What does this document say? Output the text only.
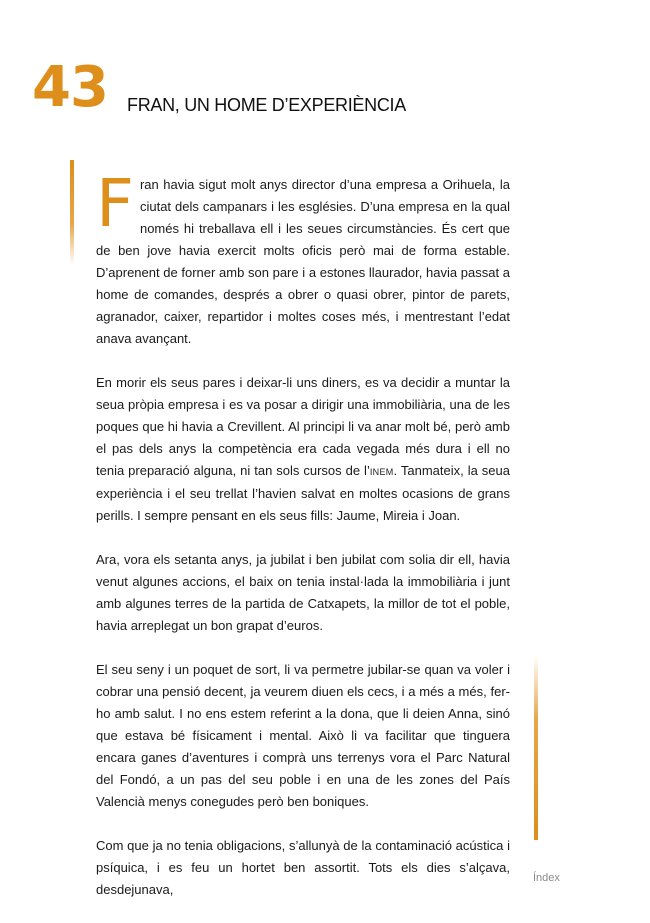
43 FRAN, UN HOME D’EXPERIÈNCIA

Fran havia sigut molt anys director d’una empresa a Orihuela, la ciutat dels campanars i les esglésies. D’una empresa en la qual només hi treballava ell i les seues circumstàncies. És cert que de ben jove havia exercit molts oficis però mai de forma estable. D’aprenent de forner amb son pare i a estones llaurador, havia passat a home de comandes, després a obrer o quasi obrer, pintor de parets, agranador, caixer, repartidor i moltes coses més, i mentrestant l’edat anava avançant.

En morir els seus pares i deixar-li uns diners, es va decidir a muntar la seua pròpia empresa i es va posar a dirigir una immobiliària, una de les poques que hi havia a Crevillent. Al principi li va anar molt bé, però amb el pas dels anys la competència era cada vegada més dura i ell no tenia preparació alguna, ni tan sols cursos de l’INEM. Tanmateix, la seua experiència i el seu trellat l’havien salvat en moltes ocasions de grans perills. I sempre pensant en els seus fills: Jaume, Mireia i Joan.

Ara, vora els setanta anys, ja jubilat i ben jubilat com solia dir ell, havia venut algunes accions, el baix on tenia instal·lada la immobiliària i junt amb algunes terres de la partida de Catxapets, la millor de tot el poble, havia arreplegat un bon grapat d’euros.

El seu seny i un poquet de sort, li va permetre jubilar-se quan va voler i cobrar una pensió decent, ja veurem diuen els cecs, i a més a més, fer-ho amb salut. I no ens estem referint a la dona, que li deien Anna, sinó que estava bé físicament i mental. Això li va facilitar que tinguera encara ganes d’aventures i comprà uns terrenys vora el Parc Natural del Fondó, a un pas del seu poble i en una de les zones del País Valencià menys conegudes però ben boniques.

Com que ja no tenia obligacions, s’allunyà de la contaminació acústica i psíquica, i es feu un hortet ben assortit. Tots els dies s’alçava, desdejunava,

Índex
